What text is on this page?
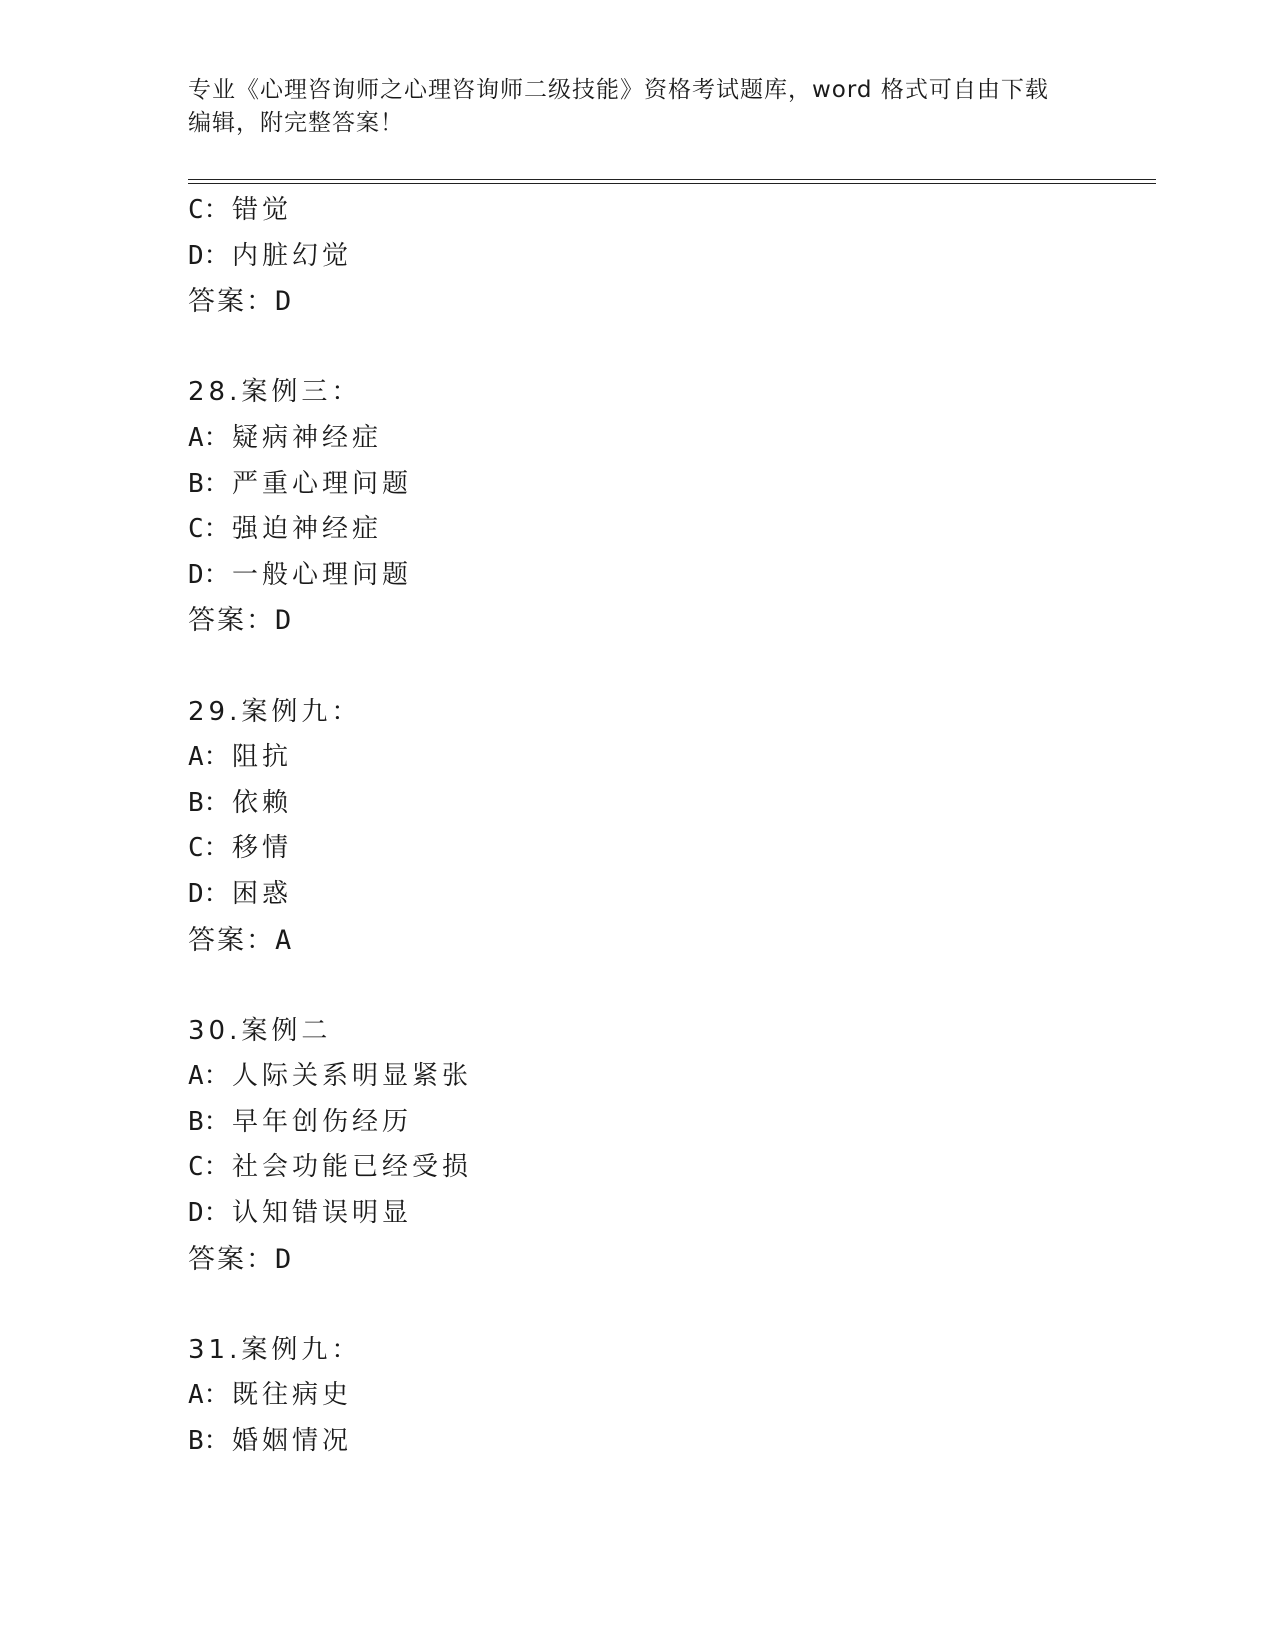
专业《心理咨询师之心理咨询师二级技能》资格考试题库，word 格式可自由下载
编辑，附完整答案！
C：错觉
D：内脏幻觉
答案：D
28.案例三：
A：疑病神经症
B：严重心理问题
C：强迫神经症
D：一般心理问题
答案：D
29.案例九：
A：阻抗
B：依赖
C：移情
D：困惑
答案：A
30.案例二
A：人际关系明显紧张
B：早年创伤经历
C：社会功能已经受损
D：认知错误明显
答案：D
31.案例九：
A：既往病史
B：婚姻情况
